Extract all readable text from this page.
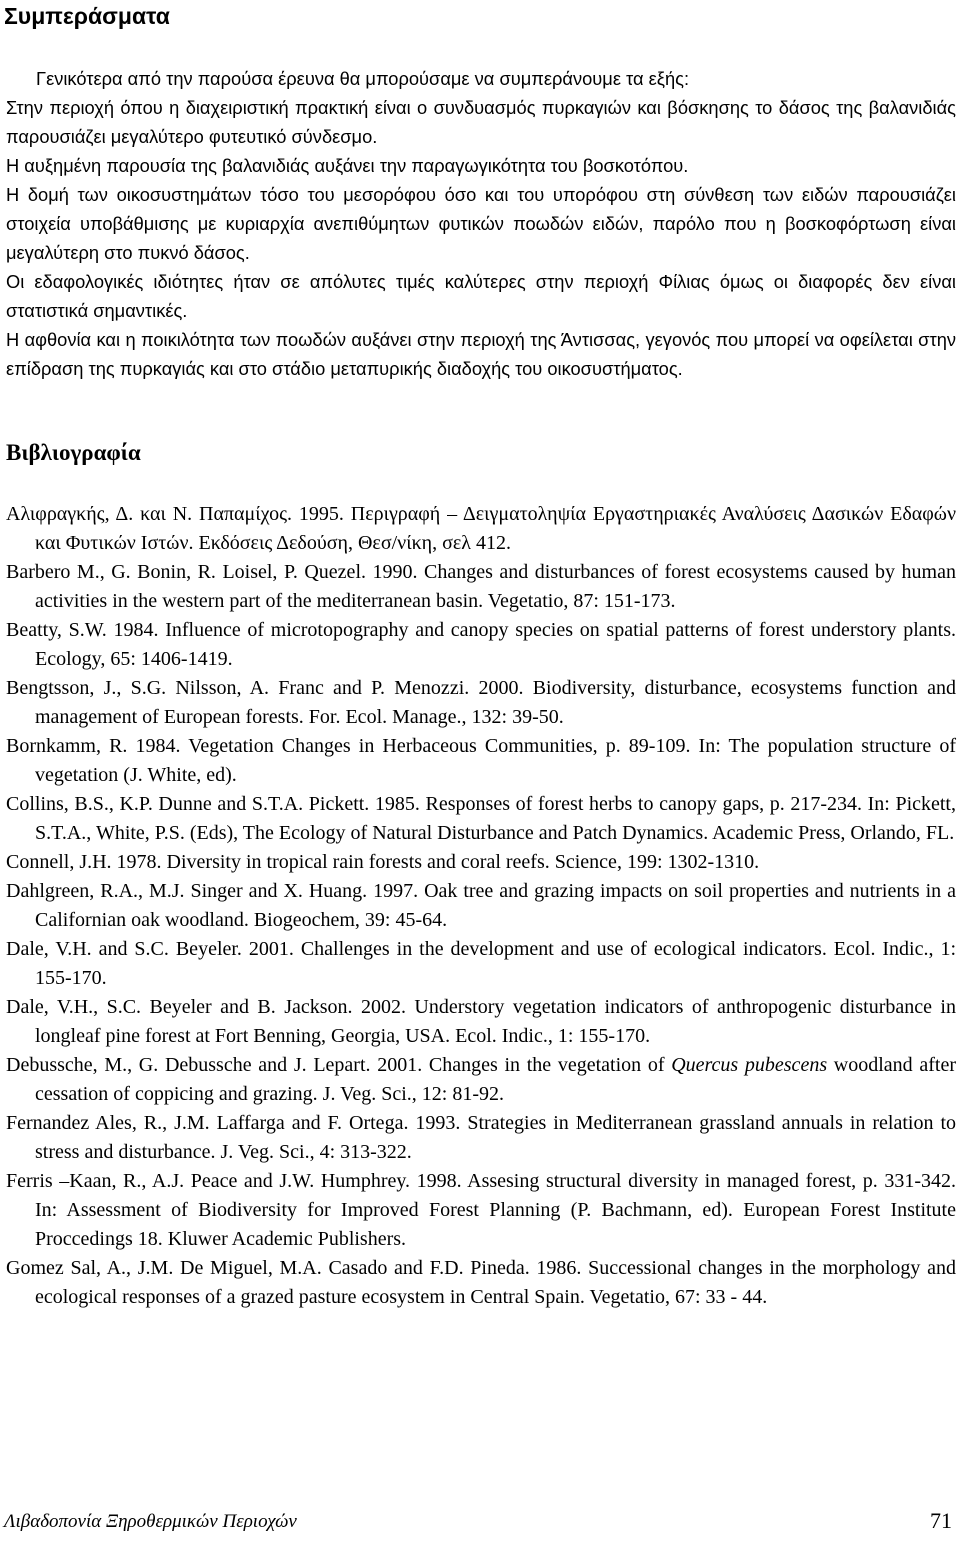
Συμπεράσματα

Γενικότερα από την παρούσα έρευνα θα μπορούσαμε να συμπεράνουμε τα εξής:

Στην περιοχή όπου η διαχειριστική πρακτική είναι ο συνδυασμός πυρκαγιών και βόσκησης το δάσος της βαλανιδιάς παρουσιάζει μεγαλύτερο φυτευτικό σύνδεσμο.

Η αυξημένη παρουσία της βαλανιδιάς αυξάνει την παραγωγικότητα του βοσκοτόπου.

Η δομή των οικοσυστημάτων τόσο του μεσορόφου όσο και του υπορόφου στη σύνθεση των ειδών παρουσιάζει στοιχεία υποβάθμισης με κυριαρχία ανεπιθύμητων φυτικών ποωδών ειδών, παρόλο που η βοσκοφόρτωση είναι μεγαλύτερη στο πυκνό δάσος.

Οι εδαφολογικές ιδιότητες ήταν σε απόλυτες τιμές καλύτερες στην περιοχή Φίλιας όμως οι διαφορές δεν είναι στατιστικά σημαντικές.

Η αφθονία και η ποικιλότητα των ποωδών αυξάνει στην περιοχή της Άντισσας, γεγονός που μπορεί να οφείλεται στην επίδραση της πυρκαγιάς και στο στάδιο μεταπυρικής διαδοχής του οικοσυστήματος.

Βιβλιογραφία
Αλιφραγκής, Δ. και Ν. Παπαμίχος. 1995. Περιγραφή – Δειγματοληψία Εργαστηριακές Αναλύσεις Δασικών Εδαφών και Φυτικών Ιστών. Εκδόσεις Δεδούση, Θεσ/νίκη, σελ 412.
Barbero M., G. Bonin, R. Loisel, P. Quezel. 1990. Changes and disturbances of forest ecosystems caused by human activities in the western part of the mediterranean basin. Vegetatio, 87: 151-173.
Beatty, S.W. 1984. Influence of microtopography and canopy species on spatial patterns of forest understory plants. Ecology, 65: 1406-1419.
Bengtsson, J., S.G. Nilsson, A. Franc and P. Menozzi. 2000. Biodiversity, disturbance, ecosystems function and management of European forests. For. Ecol. Manage., 132: 39-50.
Bornkamm, R. 1984. Vegetation Changes in Herbaceous Communities, p. 89-109. In: The population structure of vegetation (J. White, ed).
Collins, B.S., K.P. Dunne and S.T.A. Pickett. 1985. Responses of forest herbs to canopy gaps, p. 217-234. In: Pickett, S.T.A., White, P.S. (Eds), The Ecology of Natural Disturbance and Patch Dynamics. Academic Press, Orlando, FL.
Connell, J.H. 1978. Diversity in tropical rain forests and coral reefs. Science, 199: 1302-1310.
Dahlgreen, R.A., M.J. Singer and X. Huang. 1997. Oak tree and grazing impacts on soil properties and nutrients in a Californian oak woodland. Biogeochem, 39: 45-64.
Dale, V.H. and S.C. Beyeler. 2001. Challenges in the development and use of ecological indicators. Ecol. Indic., 1: 155-170.
Dale, V.H., S.C. Beyeler and B. Jackson. 2002. Understory vegetation indicators of anthropogenic disturbance in longleaf pine forest at Fort Benning, Georgia, USA. Ecol. Indic., 1: 155-170.
Debussche, M., G. Debussche and J. Lepart. 2001. Changes in the vegetation of Quercus pubescens woodland after cessation of coppicing and grazing. J. Veg. Sci., 12: 81-92.
Fernandez Ales, R., J.M. Laffarga and F. Ortega. 1993. Strategies in Mediterranean grassland annuals in relation to stress and disturbance. J. Veg. Sci., 4: 313-322.
Ferris –Kaan, R., A.J. Peace and J.W. Humphrey. 1998. Assesing structural diversity in managed forest, p. 331-342. In: Assessment of Biodiversity for Improved Forest Planning (P. Bachmann, ed). European Forest Institute Proccedings 18. Kluwer Academic Publishers.
Gomez Sal, A., J.M. De Miguel, M.A. Casado and F.D. Pineda. 1986. Successional changes in the morphology and ecological responses of a grazed pasture ecosystem in Central Spain. Vegetatio, 67: 33 - 44.
Λιβαδοπονία Ξηροθερμικών Περιοχών	71
